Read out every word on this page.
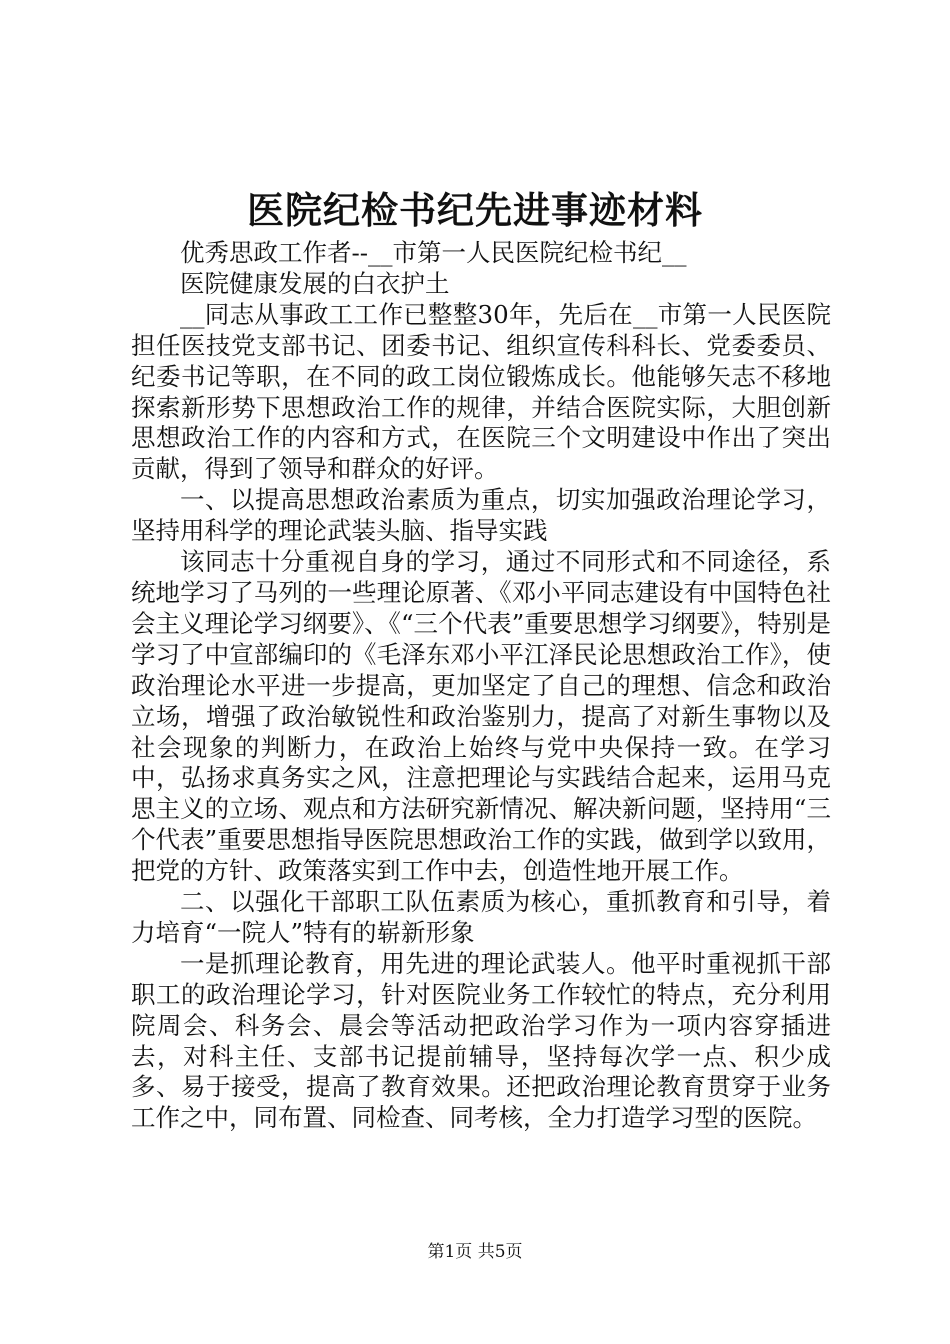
医院纪检书纪先进事迹材料

优秀思政工作者--__市第一人民医院纪检书纪__

医院健康发展的白衣护土

__同志从事政工工作已整整30年，先后在__市第一人民医院担任医技党支部书记、团委书记、组织宣传科科长、党委委员、纪委书记等职，在不同的政工岗位锻炼成长。他能够矢志不移地探索新形势下思想政治工作的规律，并结合医院实际，大胆创新思想政治工作的内容和方式，在医院三个文明建设中作出了突出贡献，得到了领导和群众的好评。

一、以提高思想政治素质为重点，切实加强政治理论学习，坚持用科学的理论武装头脑、指导实践

该同志十分重视自身的学习，通过不同形式和不同途径，系统地学习了马列的一些理论原著、《邓小平同志建设有中国特色社会主义理论学习纲要》、《“三个代表”重要思想学习纲要》，特别是学习了中宣部编印的《毛泽东邓小平江泽民论思想政治工作》，使政治理论水平进一步提高，更加坚定了自己的理想、信念和政治立场，增强了政治敏锐性和政治鉴别力，提高了对新生事物以及社会现象的判断力，在政治上始终与党中央保持一致。在学习中，弘扬求真务实之风，注意把理论与实践结合起来，运用马克思主义的立场、观点和方法研究新情况、解决新问题，坚持用“三个代表”重要思想指导医院思想政治工作的实践，做到学以致用，把党的方针、政策落实到工作中去，创造性地开展工作。

二、以强化干部职工队伍素质为核心，重抓教育和引导，着力培育“一院人”特有的崭新形象

一是抓理论教育，用先进的理论武装人。他平时重视抓干部职工的政治理论学习，针对医院业务工作较忙的特点，充分利用院周会、科务会、晨会等活动把政治学习作为一项内容穿插进去，对科主任、支部书记提前辅导，坚持每次学一点、积少成多、易于接受，提高了教育效果。还把政治理论教育贯穿于业务工作之中，同布置、同检查、同考核，全力打造学习型的医院。

第1页 共5页
